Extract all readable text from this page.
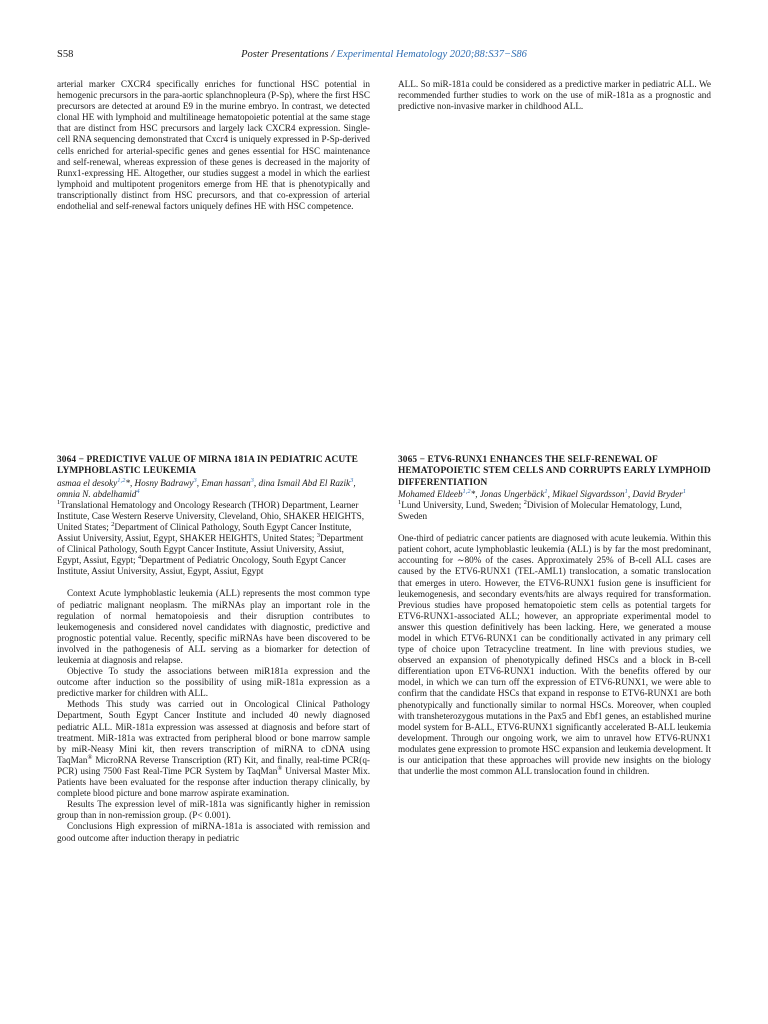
S58	Poster Presentations / Experimental Hematology 2020;88:S37−S86

arterial marker CXCR4 specifically enriches for functional HSC potential in hemogenic precursors in the para-aortic splanchnopleura (P-Sp), where the first HSC precursors are detected at around E9 in the murine embryo. In contrast, we detected clonal HE with lymphoid and multilineage hematopoietic potential at the same stage that are distinct from HSC precursors and largely lack CXCR4 expression. Single-cell RNA sequencing demonstrated that Cxcr4 is uniquely expressed in P-Sp-derived cells enriched for arterial-specific genes and genes essential for HSC maintenance and self-renewal, whereas expression of these genes is decreased in the majority of Runx1-expressing HE. Altogether, our studies suggest a model in which the earliest lymphoid and multipotent progenitors emerge from HE that is phenotypically and transcriptionally distinct from HSC precursors, and that co-expression of arterial endothelial and self-renewal factors uniquely defines HE with HSC competence.

ALL. So miR-181a could be considered as a predictive marker in pediatric ALL. We recommended further studies to work on the use of miR-181a as a prognostic and predictive non-invasive marker in childhood ALL.

3064 − PREDICTIVE VALUE OF MIRNA 181A IN PEDIATRIC ACUTE LYMPHOBLASTIC LEUKEMIA

asmaa el desoky$^{1,2}$*, Hosny Badrawy$^3$, Eman hassan$^3$, dina Ismail Abd El Razik$^3$, omnia N. abdelhamid$^4$

$^1$Translational Hematology and Oncology Research (THOR) Department, Learner Institute, Case Western Reserve University, Cleveland, Ohio, SHAKER HEIGHTS, United States; $^2$Department of Clinical Pathology, South Egypt Cancer Institute, Assiut University, Assiut, Egypt, SHAKER HEIGHTS, United States; $^3$Department of Clinical Pathology, South Egypt Cancer Institute, Assiut University, Assiut, Egypt, Assiut, Egypt; $^4$Department of Pediatric Oncology, South Egypt Cancer Institute, Assiut University, Assiut, Egypt, Assiut, Egypt

Context Acute lymphoblastic leukemia (ALL) represents the most common type of pediatric malignant neoplasm. The miRNAs play an important role in the regulation of normal hematopoiesis and their disruption contributes to leukemogenesis and considered novel candidates with diagnostic, predictive and prognostic potential value. Recently, specific miRNAs have been discovered to be involved in the pathogenesis of ALL serving as a biomarker for detection of leukemia at diagnosis and relapse.

Objective To study the associations between miR181a expression and the outcome after induction so the possibility of using miR-181a expression as a predictive marker for children with ALL.

Methods This study was carried out in Oncological Clinical Pathology Department, South Egypt Cancer Institute and included 40 newly diagnosed pediatric ALL. MiR-181a expression was assessed at diagnosis and before start of treatment. MiR-181a was extracted from peripheral blood or bone marrow sample by miR-Neasy Mini kit, then revers transcription of miRNA to cDNA using TaqMan® MicroRNA Reverse Transcription (RT) Kit, and finally, real-time PCR(q-PCR) using 7500 Fast Real-Time PCR System by TaqMan® Universal Master Mix. Patients have been evaluated for the response after induction therapy clinically, by complete blood picture and bone marrow aspirate examination.

Results The expression level of miR-181a was significantly higher in remission group than in non-remission group. (P< 0.001).

Conclusions High expression of miRNA-181a is associated with remission and good outcome after induction therapy in pediatric

3065 − ETV6-RUNX1 ENHANCES THE SELF-RENEWAL OF HEMATOPOIETIC STEM CELLS AND CORRUPTS EARLY LYMPHOID DIFFERENTIATION

Mohamed Eldeeb$^{1,2}$*, Jonas Ungerbäck$^1$, Mikael Sigvardsson$^1$, David Bryder$^1$

$^1$Lund University, Lund, Sweden; $^2$Division of Molecular Hematology, Lund, Sweden

One-third of pediatric cancer patients are diagnosed with acute leukemia. Within this patient cohort, acute lymphoblastic leukemia (ALL) is by far the most predominant, accounting for ∼80% of the cases. Approximately 25% of B-cell ALL cases are caused by the ETV6-RUNX1 (TEL-AML1) translocation, a somatic translocation that emerges in utero. However, the ETV6-RUNX1 fusion gene is insufficient for leukemogenesis, and secondary events/hits are always required for transformation. Previous studies have proposed hematopoietic stem cells as potential targets for ETV6-RUNX1-associated ALL; however, an appropriate experimental model to answer this question definitively has been lacking. Here, we generated a mouse model in which ETV6-RUNX1 can be conditionally activated in any primary cell type of choice upon Tetracycline treatment. In line with previous studies, we observed an expansion of phenotypically defined HSCs and a block in B-cell differentiation upon ETV6-RUNX1 induction. With the benefits offered by our model, in which we can turn off the expression of ETV6-RUNX1, we were able to confirm that the candidate HSCs that expand in response to ETV6-RUNX1 are both phenotypically and functionally similar to normal HSCs. Moreover, when coupled with transheterozygous mutations in the Pax5 and Ebf1 genes, an established murine model system for B-ALL, ETV6-RUNX1 significantly accelerated B-ALL leukemia development. Through our ongoing work, we aim to unravel how ETV6-RUNX1 modulates gene expression to promote HSC expansion and leukemia development. It is our anticipation that these approaches will provide new insights on the biology that underlie the most common ALL translocation found in children.
